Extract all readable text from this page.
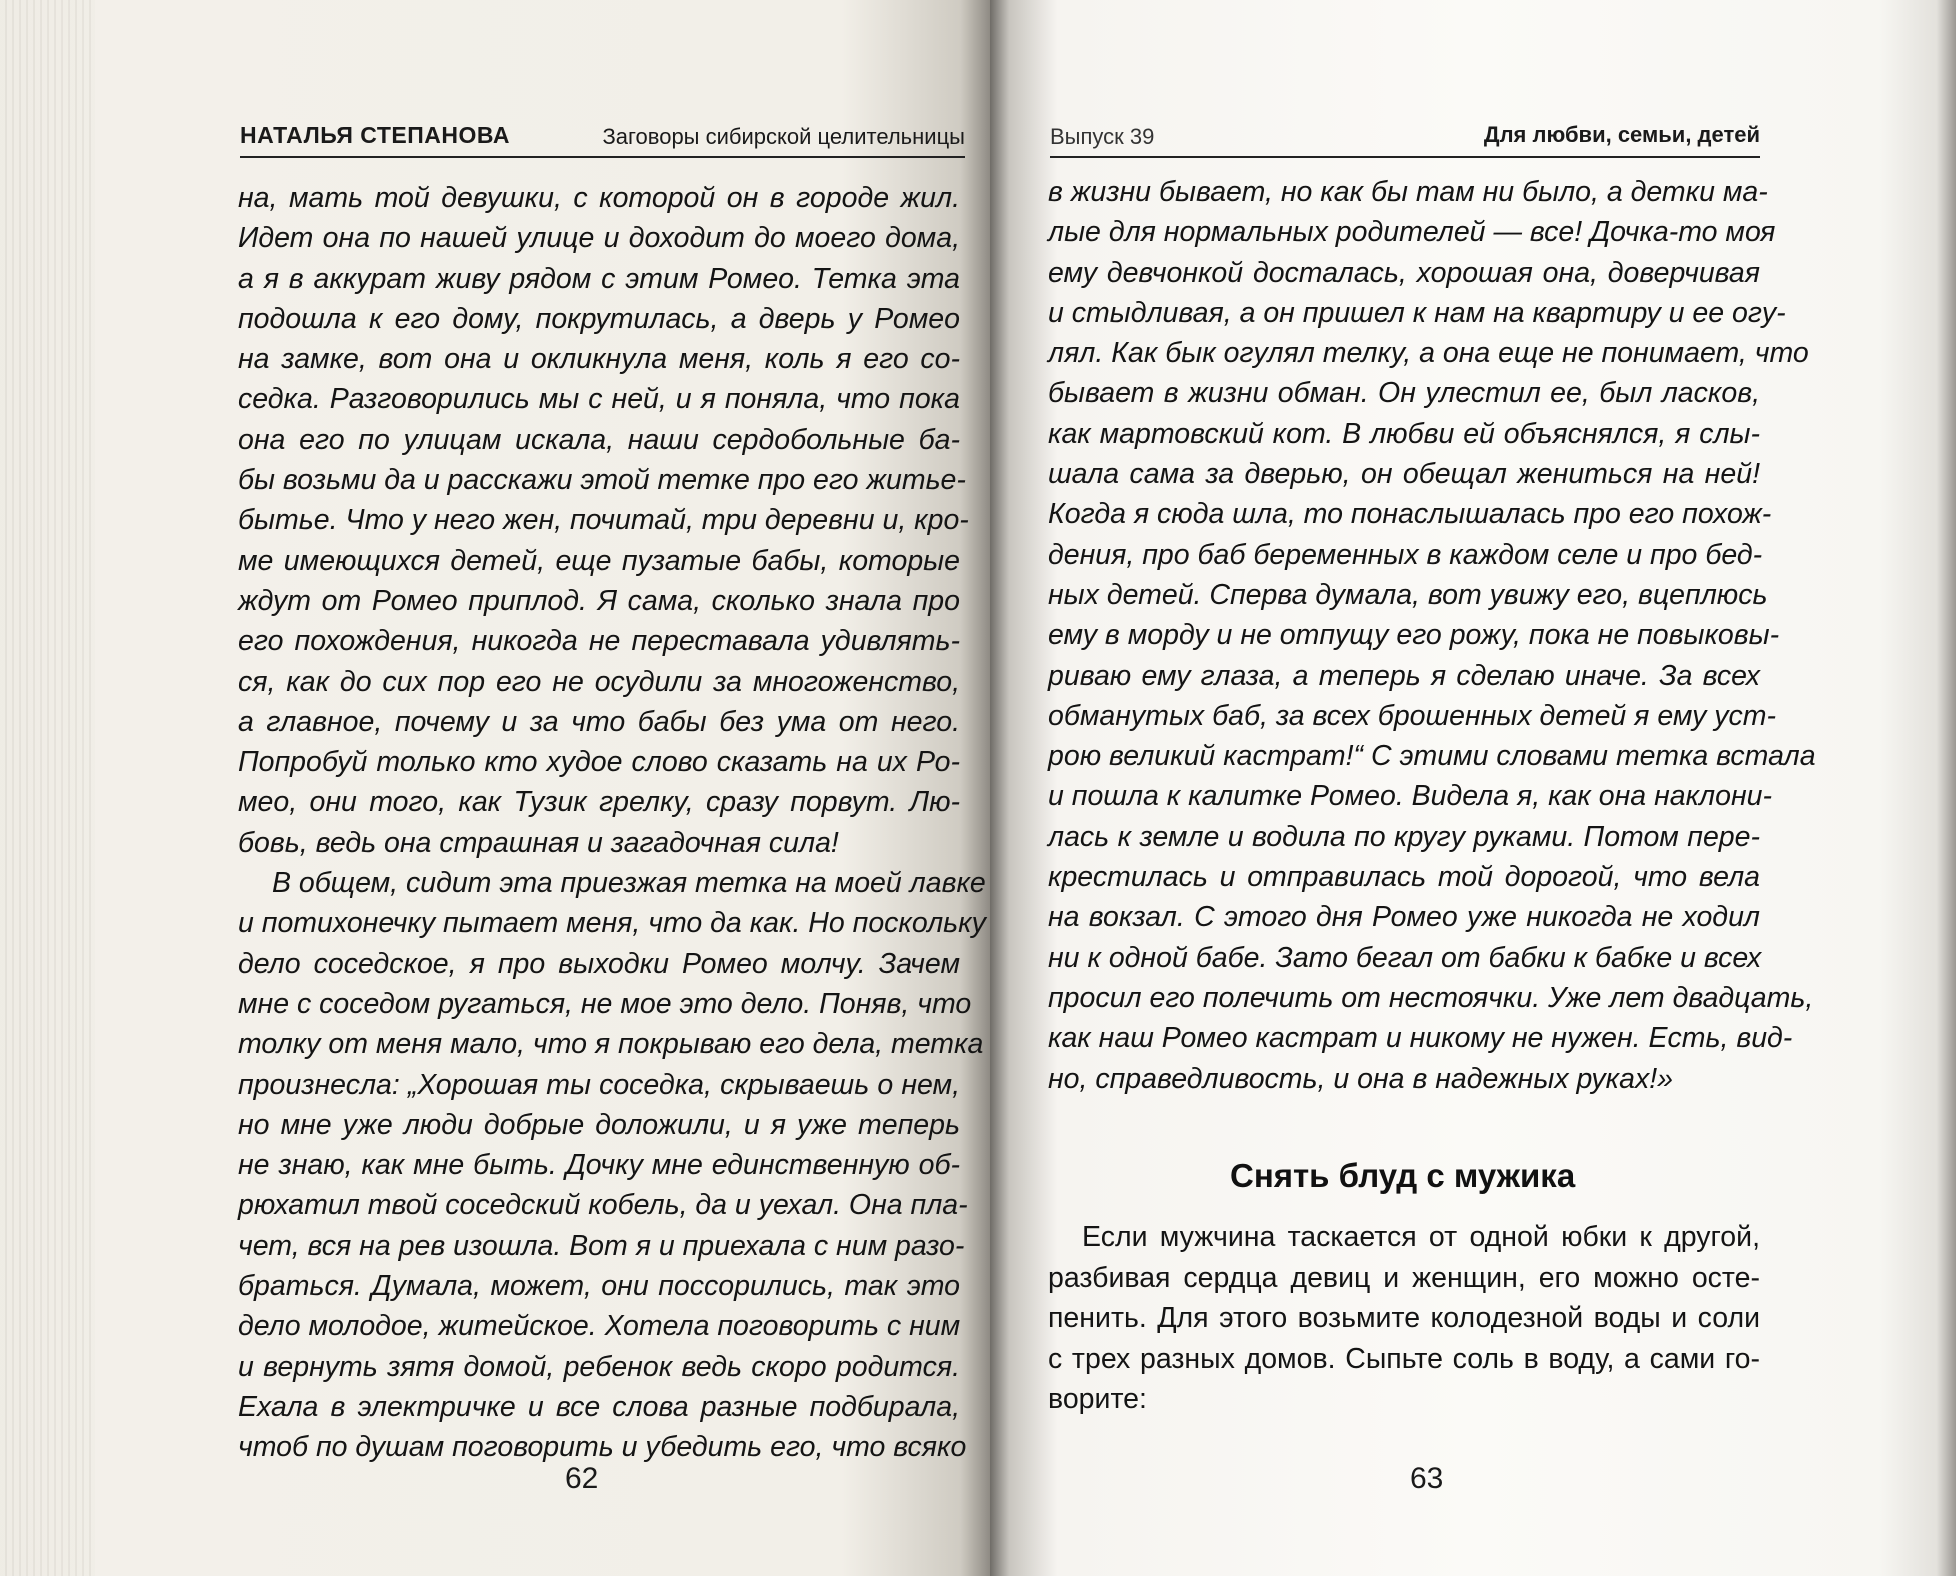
НАТАЛЬЯ СТЕПАНОВА	Заговоры сибирской целительницы
на, мать той девушки, с которой он в городе жил.
Идет она по нашей улице и доходит до моего дома,
а я в аккурат живу рядом с этим Ромео. Тетка эта
подошла к его дому, покрутилась, а дверь у Ромео
на замке, вот она и окликнула меня, коль я его со-
седка. Разговорились мы с ней, и я поняла, что пока
она его по улицам искала, наши сердобольные ба-
бы возьми да и расскажи этой тетке про его житье-
бытье. Что у него жен, почитай, три деревни и, кро-
ме имеющихся детей, еще пузатые бабы, которые
ждут от Ромео приплод. Я сама, сколько знала про
его похождения, никогда не переставала удивлять-
ся, как до сих пор его не осудили за многоженство,
а главное, почему и за что бабы без ума от него.
Попробуй только кто худое слово сказать на их Ро-
мео, они того, как Тузик грелку, сразу порвут. Лю-
бовь, ведь она страшная и загадочная сила!
В общем, сидит эта приезжая тетка на моей лавке
и потихонечку пытает меня, что да как. Но поскольку
дело соседское, я про выходки Ромео молчу. Зачем
мне с соседом ругаться, не мое это дело. Поняв, что
толку от меня мало, что я покрываю его дела, тетка
произнесла: „Хорошая ты соседка, скрываешь о нем,
но мне уже люди добрые доложили, и я уже теперь
не знаю, как мне быть. Дочку мне единственную об-
рюхатил твой соседский кобель, да и уехал. Она пла-
чет, вся на рев изошла. Вот я и приехала с ним разо-
браться. Думала, может, они поссорились, так это
дело молодое, житейское. Хотела поговорить с ним
и вернуть зятя домой, ребенок ведь скоро родится.
Ехала в электричке и все слова разные подбирала,
чтоб по душам поговорить и убедить его, что всяко
62
Выпуск 39	Для любви, семьи, детей
в жизни бывает, но как бы там ни было, а детки ма-
лые для нормальных родителей — все! Дочка-то моя
ему девчонкой досталась, хорошая она, доверчивая
и стыдливая, а он пришел к нам на квартиру и ее огу-
лял. Как бык огулял телку, а она еще не понимает, что
бывает в жизни обман. Он улестил ее, был ласков,
как мартовский кот. В любви ей объяснялся, я слы-
шала сама за дверью, он обещал жениться на ней!
Когда я сюда шла, то понаслышалась про его похож-
дения, про баб беременных в каждом селе и про бед-
ных детей. Сперва думала, вот увижу его, вцеплюсь
ему в морду и не отпущу его рожу, пока не повыковы-
риваю ему глаза, а теперь я сделаю иначе. За всех
обманутых баб, за всех брошенных детей я ему уст-
рою великий кастрат!“ С этими словами тетка встала
и пошла к калитке Ромео. Видела я, как она наклони-
лась к земле и водила по кругу руками. Потом пере-
крестилась и отправилась той дорогой, что вела
на вокзал. С этого дня Ромео уже никогда не ходил
ни к одной бабе. Зато бегал от бабки к бабке и всех
просил его полечить от нестоячки. Уже лет двадцать,
как наш Ромео кастрат и никому не нужен. Есть, вид-
но, справедливость, и она в надежных руках!»
Снять блуд с мужика
Если мужчина таскается от одной юбки к другой,
разбивая сердца девиц и женщин, его можно осте-
пенить. Для этого возьмите колодезной воды и соли
с трех разных домов. Сыпьте соль в воду, а сами го-
ворите:
63
